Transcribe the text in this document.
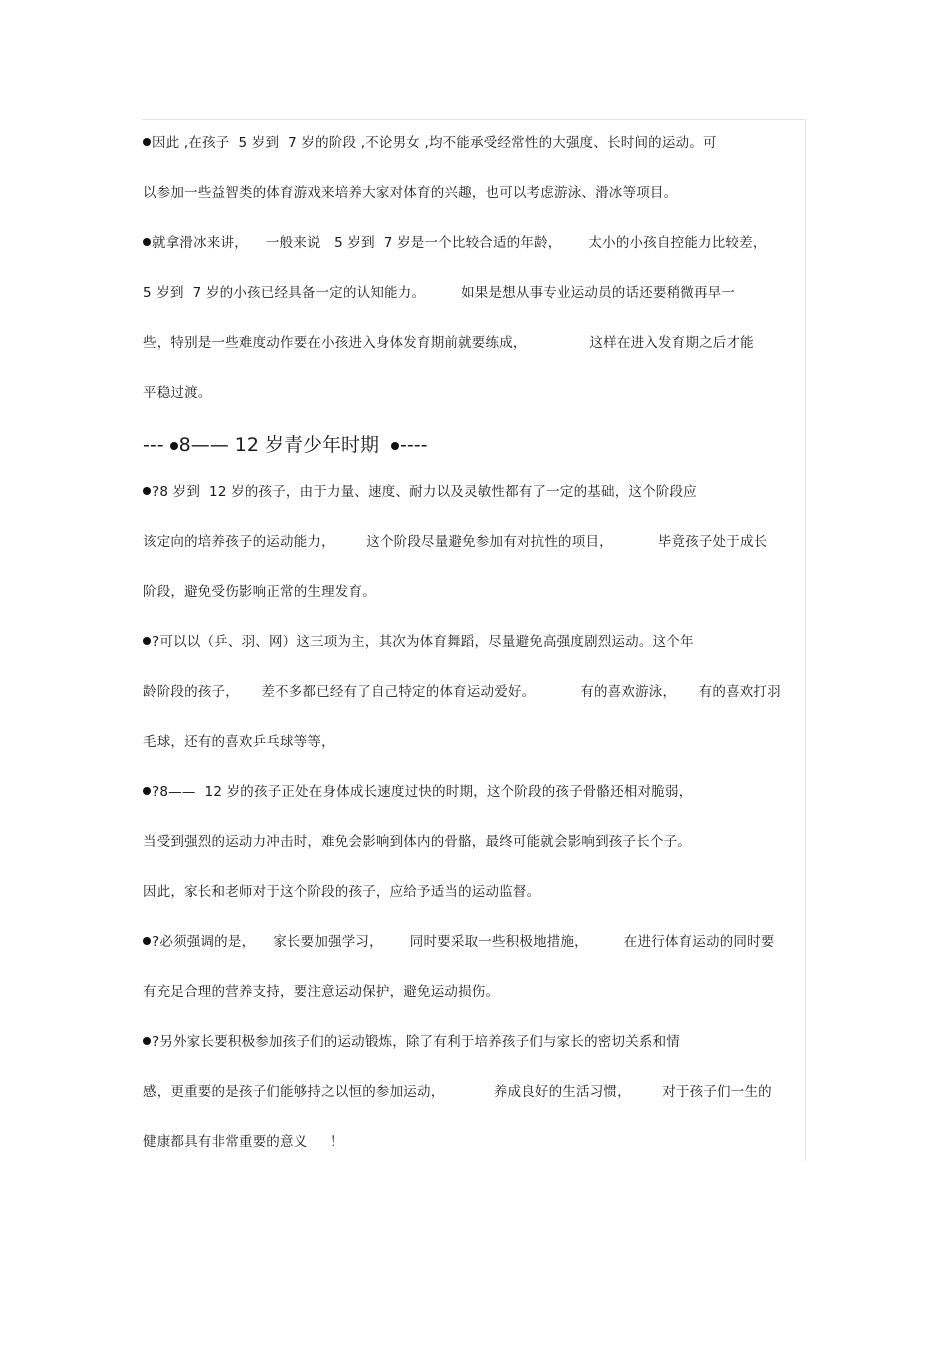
因此 ,在孩子  5 岁到  7 岁的阶段 ,不论男女 ,均不能承受经常性的大强度、长时间的运动。可
以参加一些益智类的体育游戏来培养大家对体育的兴趣，也可以考虑游泳、滑冰等项目。
就拿滑冰来讲，    一般来说   5 岁到  7 岁是一个比较合适的年龄，      太小的小孩自控能力比较差，
5 岁到  7 岁的小孩已经具备一定的认知能力。        如果是想从事专业运动员的话还要稍微再早一
些，特别是一些难度动作要在小孩进入身体发育期前就要练成，              这样在进入发育期之后才能
平稳过渡。
--- 8—— 12 岁青少年时期  ----
?8 岁到  12 岁的孩子，由于力量、速度、耐力以及灵敏性都有了一定的基础，这个阶段应
该定向的培养孩子的运动能力，       这个阶段尽量避免参加有对抗性的项目，          毕竟孩子处于成长
阶段，避免受伤影响正常的生理发育。
?可以以（乒、羽、网）这三项为主，其次为体育舞蹈，尽量避免高强度剧烈运动。这个年
龄阶段的孩子，     差不多都已经有了自己特定的体育运动爱好。          有的喜欢游泳，     有的喜欢打羽
毛球，还有的喜欢乒乓球等等，
?8——  12 岁的孩子正处在身体成长速度过快的时期，这个阶段的孩子骨骼还相对脆弱，
当受到强烈的运动力冲击时，难免会影响到体内的骨骼，最终可能就会影响到孩子长个子。
因此，家长和老师对于这个阶段的孩子，应给予适当的运动监督。
?必须强调的是，    家长要加强学习，      同时要采取一些积极地措施，        在进行体育运动的同时要
有充足合理的营养支持，要注意运动保护，避免运动损伤。
?另外家长要积极参加孩子们的运动锻炼，除了有利于培养孩子们与家长的密切关系和情
感，更重要的是孩子们能够持之以恒的参加运动，           养成良好的生活习惯，       对于孩子们一生的
健康都具有非常重要的意义     ！
